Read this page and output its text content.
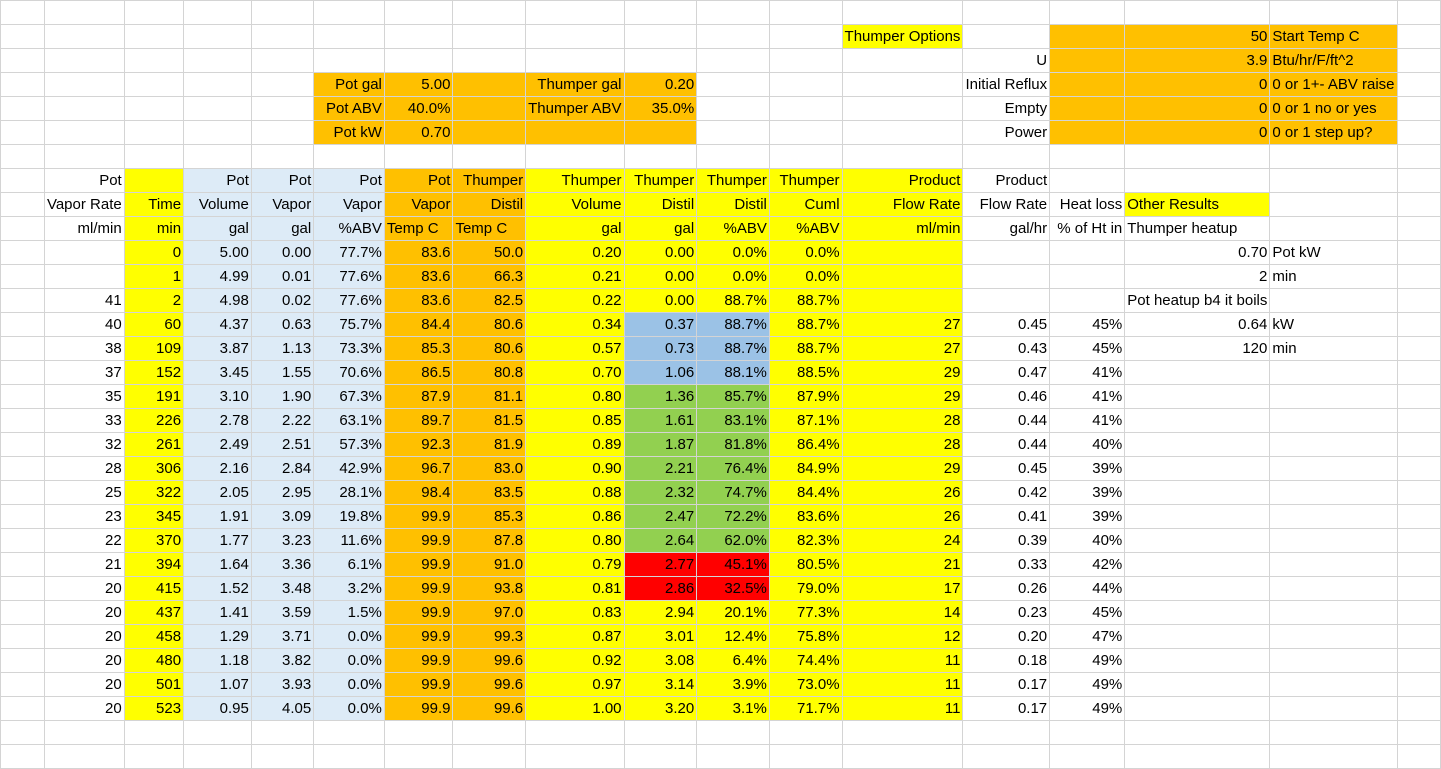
												Thumper Options			50	Start Temp C	
													U		3.9	Btu/hr/F/ft^2	
					Pot gal	5.00		Thumper gal	0.20				Initial Reflux		0	0 or 1+- ABV raise	
					Pot ABV	40.0%		Thumper ABV	35.0%				Empty		0	0 or 1 no or yes	
					Pot kW	0.70							Power		0	0 or 1 step up?	

	Pot		Pot	Pot	Pot	Pot	Thumper	Thumper	Thumper	Thumper	Thumper	Product	Product				
	Vapor Rate	Time	Volume	Vapor	Vapor	Vapor	Distil	Volume	Distil	Distil	Cuml	Flow Rate	Flow Rate	Heat loss	Other Results		
	ml/min	min	gal	gal	%ABV	Temp C	Temp C	gal	gal	%ABV	%ABV	ml/min	gal/hr	% of Ht in	Thumper heatup		
		0	5.00	0.00	77.7%	83.6	50.0	0.20	0.00	0.0%	0.0%				0.70	Pot kW	
		1	4.99	0.01	77.6%	83.6	66.3	0.21	0.00	0.0%	0.0%				2	min	
	41	2	4.98	0.02	77.6%	83.6	82.5	0.22	0.00	88.7%	88.7%				Pot heatup b4 it boils		
	40	60	4.37	0.63	75.7%	84.4	80.6	0.34	0.37	88.7%	88.7%	27	0.45	45%	0.64	kW	
	38	109	3.87	1.13	73.3%	85.3	80.6	0.57	0.73	88.7%	88.7%	27	0.43	45%	120	min	
	37	152	3.45	1.55	70.6%	86.5	80.8	0.70	1.06	88.1%	88.5%	29	0.47	41%			
	35	191	3.10	1.90	67.3%	87.9	81.1	0.80	1.36	85.7%	87.9%	29	0.46	41%			
	33	226	2.78	2.22	63.1%	89.7	81.5	0.85	1.61	83.1%	87.1%	28	0.44	41%			
	32	261	2.49	2.51	57.3%	92.3	81.9	0.89	1.87	81.8%	86.4%	28	0.44	40%			
	28	306	2.16	2.84	42.9%	96.7	83.0	0.90	2.21	76.4%	84.9%	29	0.45	39%			
	25	322	2.05	2.95	28.1%	98.4	83.5	0.88	2.32	74.7%	84.4%	26	0.42	39%			
	23	345	1.91	3.09	19.8%	99.9	85.3	0.86	2.47	72.2%	83.6%	26	0.41	39%			
	22	370	1.77	3.23	11.6%	99.9	87.8	0.80	2.64	62.0%	82.3%	24	0.39	40%			
	21	394	1.64	3.36	6.1%	99.9	91.0	0.79	2.77	45.1%	80.5%	21	0.33	42%			
	20	415	1.52	3.48	3.2%	99.9	93.8	0.81	2.86	32.5%	79.0%	17	0.26	44%			
	20	437	1.41	3.59	1.5%	99.9	97.0	0.83	2.94	20.1%	77.3%	14	0.23	45%			
	20	458	1.29	3.71	0.0%	99.9	99.3	0.87	3.01	12.4%	75.8%	12	0.20	47%			
	20	480	1.18	3.82	0.0%	99.9	99.6	0.92	3.08	6.4%	74.4%	11	0.18	49%			
	20	501	1.07	3.93	0.0%	99.9	99.6	0.97	3.14	3.9%	73.0%	11	0.17	49%			
	20	523	0.95	4.05	0.0%	99.9	99.6	1.00	3.20	3.1%	71.7%	11	0.17	49%			
